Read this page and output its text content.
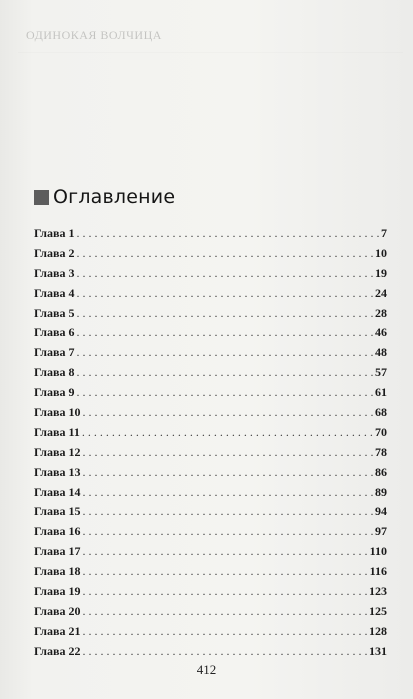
ОДИНОКАЯ ВОЛЧИЦА

Оглавление
Глава 1 . . .	7
Глава 2 . . .	10
Глава 3 . . .	19
Глава 4 . . .	24
Глава 5 . . .	28
Глава 6 . . .	46
Глава 7 . . .	48
Глава 8 . . .	57
Глава 9 . . .	61
Глава 10 . . .	68
Глава 11 . . .	70
Глава 12 . . .	78
Глава 13 . . .	86
Глава 14 . . .	89
Глава 15 . . .	94
Глава 16 . . .	97
Глава 17 . . .	110
Глава 18 . . .	116
Глава 19 . . .	123
Глава 20 . . .	125
Глава 21 . . .	128
Глава 22 . . .	131
412
